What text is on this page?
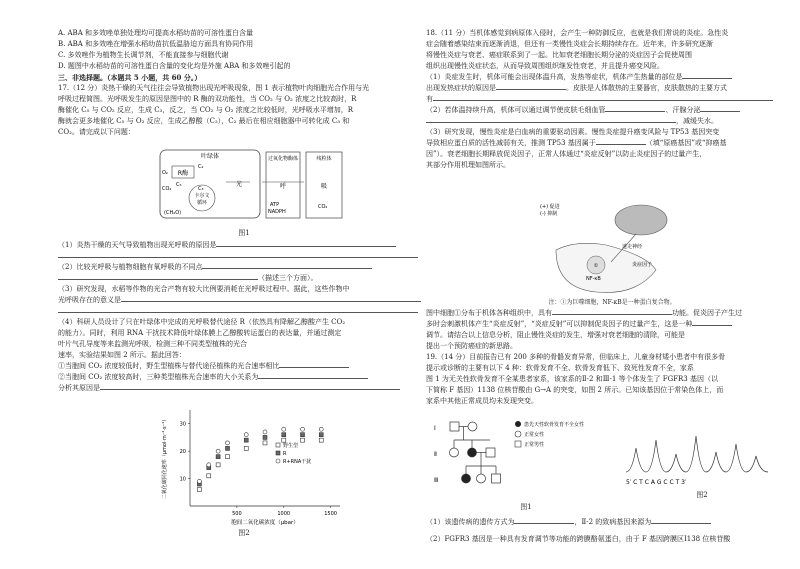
A. ABA 和多效唑单独处理均可提高水稻幼苗的可溶性蛋白含量

B. ABA 和多效唑在增强水稻幼苗抗低温胁迫方面具有协同作用

C. 多效唑作为植物生长调节剂，不能直接参与细胞代谢

D. 题图中水稻幼苗的可溶性蛋白含量的变化均是外施 ABA 和多效唑引起的

三、非选择题。（本题共 5 小题，共 60 分。）

17.（12 分）炎热干燥的天气往往会导致植物出现光呼吸现象，图 1 表示植物叶肉细胞光合作用与光

呼吸过程简图。光呼吸发生的原因是图中的 R 酶的双功能性，当 CO₂ 与 O₂ 浓度之比较高时，R

酶催化 C₅ 与 CO₂ 反应，生成 C₃，反之，当 CO₂ 与 O₂ 浓度之比较低时，光呼吸水平增加，R

酶就会更多地催化 C₅ 与 O₂ 反应，生成乙醇酸（C₂），C₂ 最后在相应细胞器中可转化成 C₃ 和

CO₂。请完成以下问题：

叶绿体
R酶
O₂
CO₂
C₂
C₃
C₅
卡尔文
循环
(CH₂O)
光
过氧化物酶体
呼
线粒体
吸
ATP
NADPH
CO₂

图1

（1）炎热干燥的天气导致植物出现光呼吸的原因是

（2）比较光呼吸与植物细胞有氧呼吸的不同点

（描述三个方面）。

（3）研究发现，水稻等作物的光合产物有较大比例要消耗在光呼吸过程中。据此，这些作物中

光呼吸存在的意义是

（4）科研人员设计了只在叶绿体中完成的光呼吸替代途径 R（依然具有降解乙醇酸产生 CO₂

的能力）。同时，利用 RNA 干扰技术降低叶绿体膜上乙醇酸转运蛋白的表达量，并通过测定

叶片气孔导度等来监测光呼吸，检测三种不同类型植株的光合

速率，实验结果如图 2 所示。据此回答：

①当胞间 CO₂ 浓度较低时，野生型植株与替代途径植株的光合速率相比

②当胞间 CO₂ 浓度较高时，三种类型植株光合速率的大小关系为

分析其原因是

10
20
30
500	1000	1500
胞间二氧化碳浓度（μbar）
二氧化碳同化速率（μmol·m⁻²·s⁻¹）	野生型
R
R+RNA干扰

图2

18.（11 分）当机体感觉到病原体入侵时，会产生一种防御反应，也就是我们常说的炎症。急性炎

症会随着感染结束而逐渐消退，但还有一类慢性炎症会长期持续存在。近年来，许多研究逐渐

将慢性炎症与衰老、癌症联系到了一起。比如衰老细胞长期分泌的炎症因子会促使周围

组织出现慢性炎症状态，从而导致周围组织继发性衰老，并且提升癌变风险。

（1）炎症发生时，机体可能会出现体温升高，发热等症状，机体产生热量的部位是

出现发热症状的原因是	。皮肤是人体散热的主要器官，皮肤散热的主要方式

有

（2）若体温持续升高，机体可以通过调节使皮肤毛细血管	、汗腺分泌

，减缓失水。

（3）研究发现，慢性炎症是白血病的重要驱动因素。慢性炎症提升癌变风险与 TP53 基因突变

导致相应蛋白质的活性减弱有关，推测 TP53 基因属于	（填“原癌基因”或“抑癌基

因”）。衰老细胞长期释放促炎因子，正常人体通过“炎症反射”以防止炎症因子的过量产生，

其部分作用机理如图所示。

①
(+) 促进
(-) 抑制
NF-κB
迷走神经
炎症因子

注：①为巨噬细胞，NF-κB是一种蛋白复合物。

图中细胞①分布于机体各种组织中，具有	功能。促炎因子产生过

多时会刺激机体产生“炎症反射”，“炎症反射”可以抑制促炎因子的过量产生，这是一种

调节。请结合以上信息分析，阻止慢性炎症的发生，增强对衰老细胞的清除，可能是

提出一个预防癌症的新思路。

19.（14 分）目前报告已有 200 多种的骨骼发育异常，但临床上，儿童身材矮小患者中有很多骨

提示或诊断的主要有以下 4 种：软骨发育不全、软骨发育低下、致死性发育不全，家系

图 1 为无关性软骨发育不全某患者家系，该家系的Ⅱ-2 和Ⅲ-1 等个体发生了 FGFR3 基因（以

下简称 F 基因）1138 位核苷酸由 G→A 的突变，如图 2 所示。已知该基因位于常染色体上，而

家系中其他正常成员均未发现突变。

Ⅰ
Ⅱ
Ⅲ
患先天性软骨发育不全女性
正常女性
正常男性

图1

5′ C T C A G C C T 3′

图2

（1）该遗传病的遗传方式为	，Ⅱ-2 的致病基因来源为

（2）FGFR3 基因是一种具有发育调节等功能的跨膜酪氨蛋白，由于 F 基因跨膜区Ⅰ138 位核苷酸
